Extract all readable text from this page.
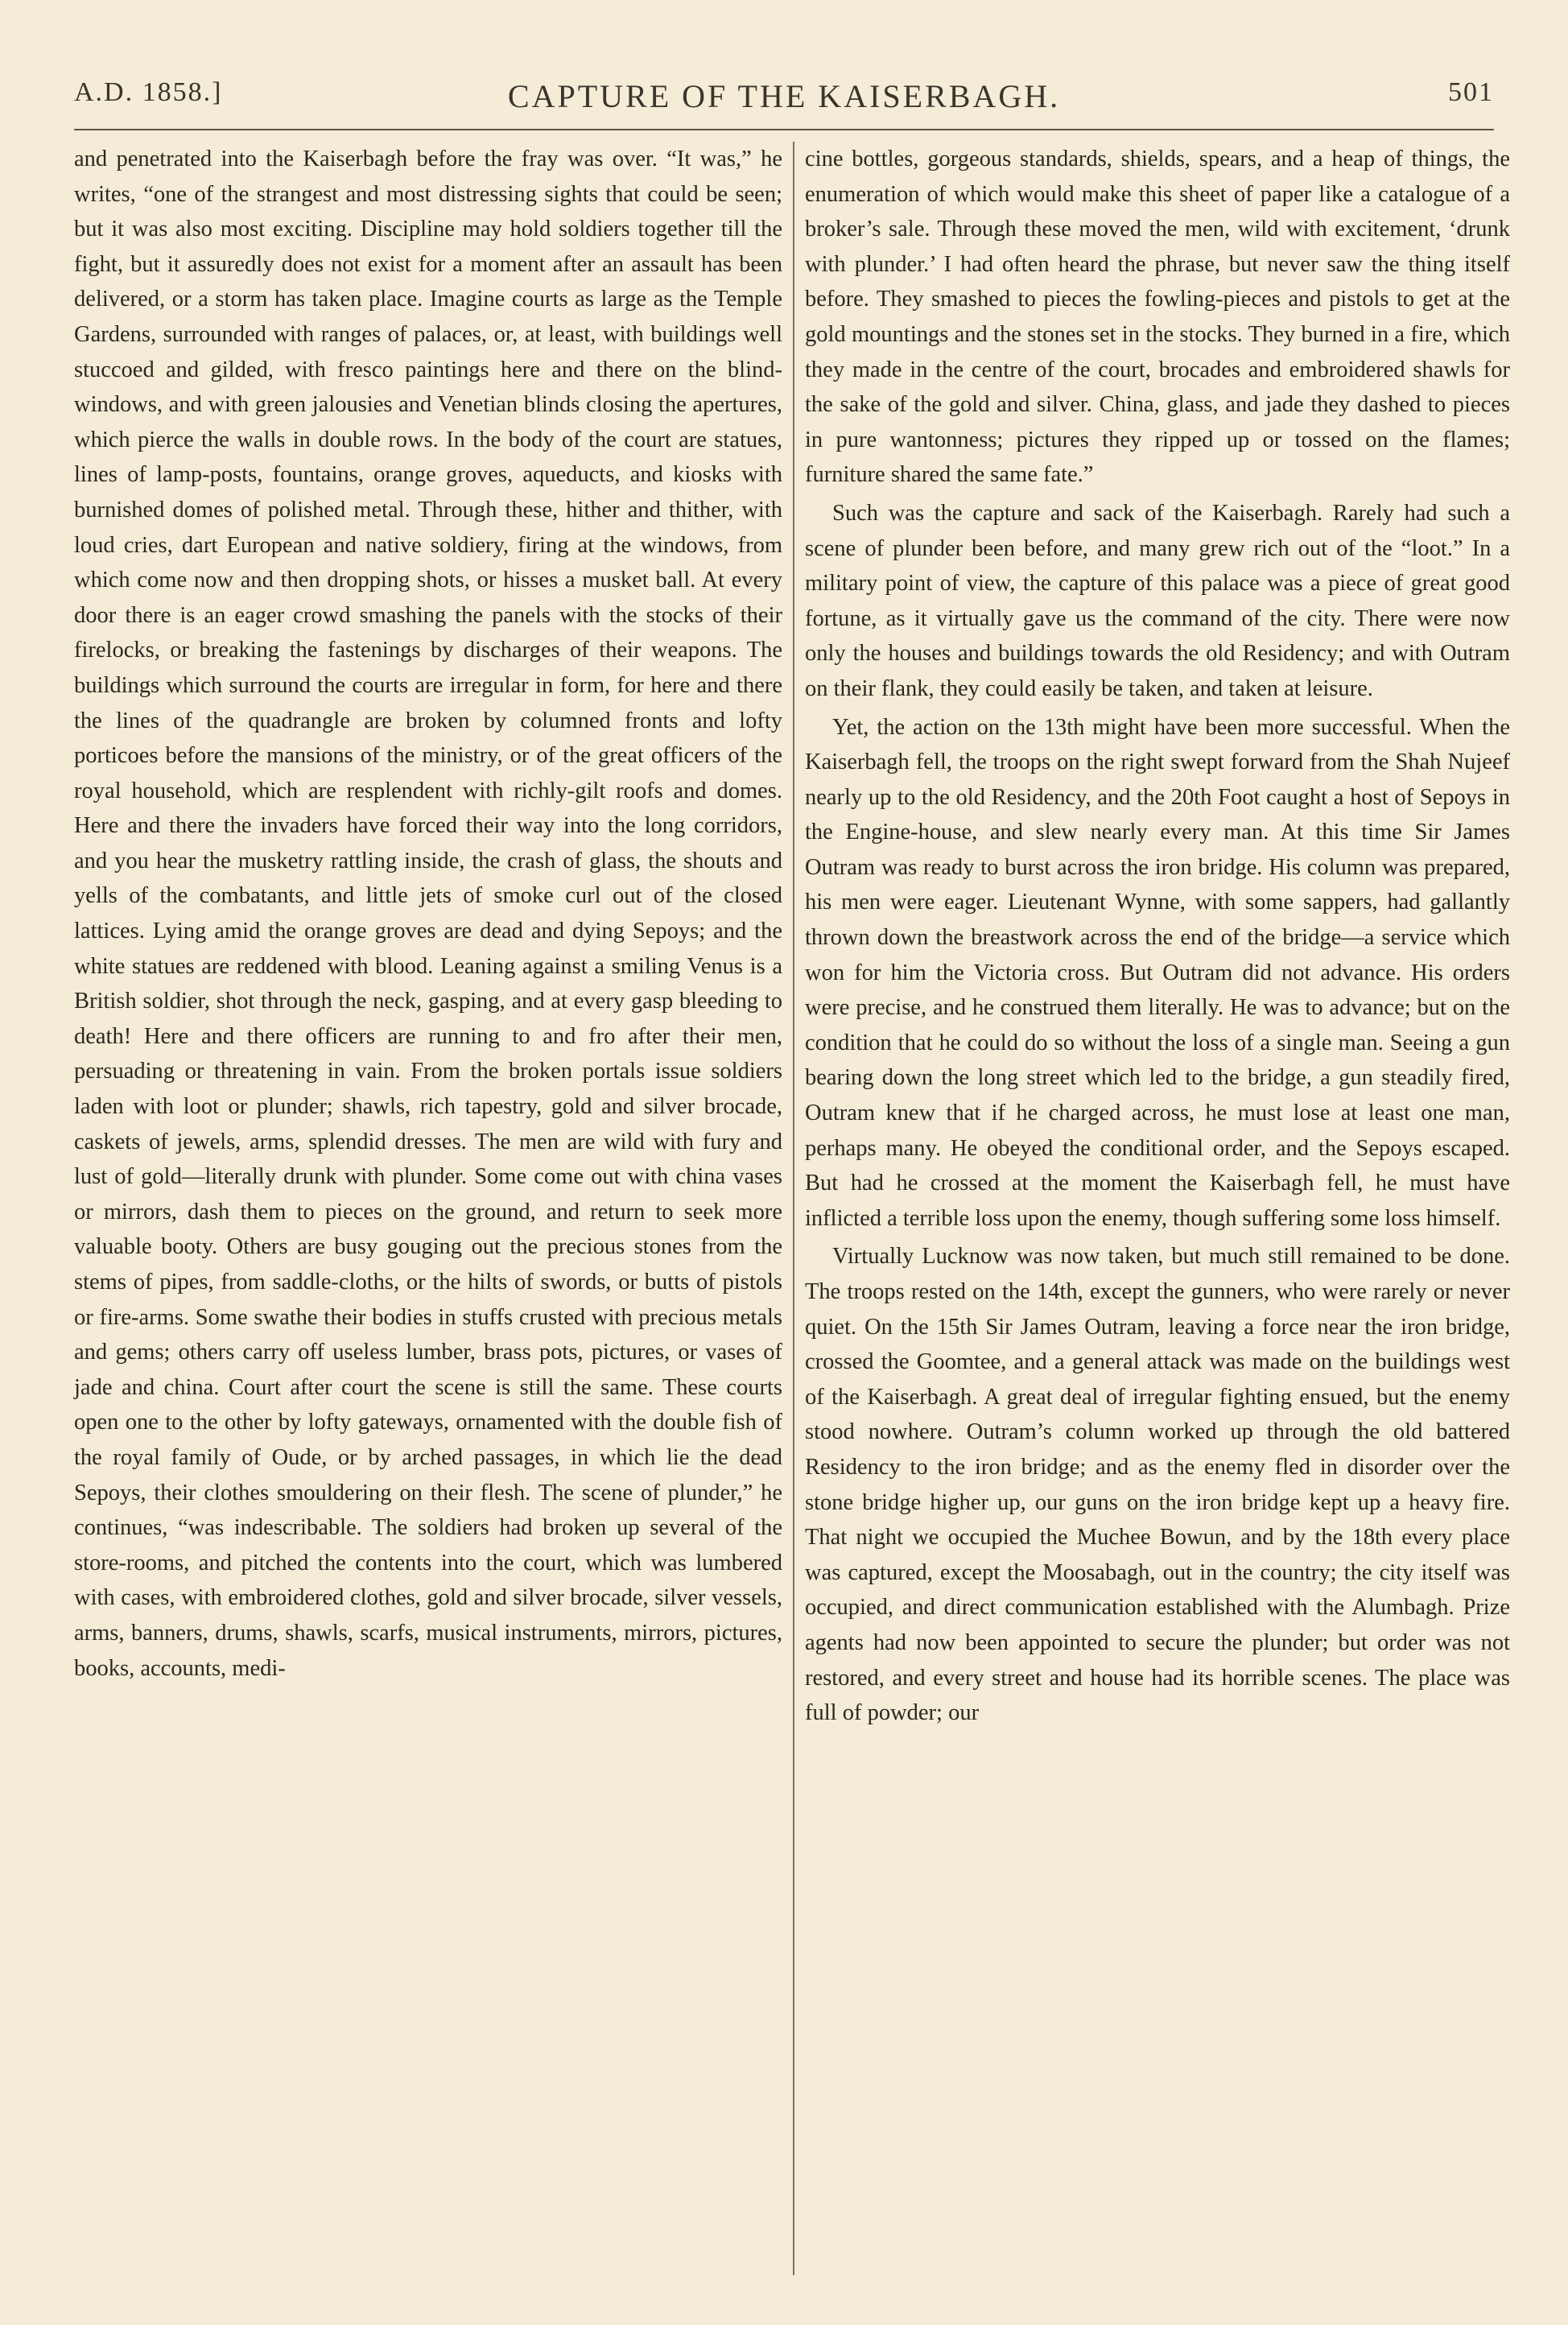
A.D. 1858.]	CAPTURE OF THE KAISERBAGH.	501

and penetrated into the Kaiserbagh before the fray was over. “It was,” he writes, “one of the strangest and most distressing sights that could be seen; but it was also most exciting. Discipline may hold soldiers together till the fight, but it assuredly does not exist for a moment after an assault has been delivered, or a storm has taken place. Imagine courts as large as the Temple Gardens, surrounded with ranges of palaces, or, at least, with buildings well stuccoed and gilded, with fresco paintings here and there on the blind-windows, and with green jalousies and Venetian blinds closing the apertures, which pierce the walls in double rows. In the body of the court are statues, lines of lamp-posts, fountains, orange groves, aqueducts, and kiosks with burnished domes of polished metal. Through these, hither and thither, with loud cries, dart European and native soldiery, firing at the windows, from which come now and then dropping shots, or hisses a musket ball. At every door there is an eager crowd smashing the panels with the stocks of their firelocks, or breaking the fastenings by discharges of their weapons. The buildings which surround the courts are irregular in form, for here and there the lines of the quadrangle are broken by columned fronts and lofty porticoes before the mansions of the ministry, or of the great officers of the royal household, which are resplendent with richly-gilt roofs and domes. Here and there the invaders have forced their way into the long corridors, and you hear the musketry rattling inside, the crash of glass, the shouts and yells of the combatants, and little jets of smoke curl out of the closed lattices. Lying amid the orange groves are dead and dying Sepoys; and the white statues are reddened with blood. Leaning against a smiling Venus is a British soldier, shot through the neck, gasping, and at every gasp bleeding to death! Here and there officers are running to and fro after their men, persuading or threatening in vain. From the broken portals issue soldiers laden with loot or plunder; shawls, rich tapestry, gold and silver brocade, caskets of jewels, arms, splendid dresses. The men are wild with fury and lust of gold—literally drunk with plunder. Some come out with china vases or mirrors, dash them to pieces on the ground, and return to seek more valuable booty. Others are busy gouging out the precious stones from the stems of pipes, from saddle-cloths, or the hilts of swords, or butts of pistols or fire-arms. Some swathe their bodies in stuffs crusted with precious metals and gems; others carry off useless lumber, brass pots, pictures, or vases of jade and china. Court after court the scene is still the same. These courts open one to the other by lofty gateways, ornamented with the double fish of the royal family of Oude, or by arched passages, in which lie the dead Sepoys, their clothes smouldering on their flesh. The scene of plunder,” he continues, “was indescribable. The soldiers had broken up several of the store-rooms, and pitched the contents into the court, which was lumbered with cases, with embroidered clothes, gold and silver brocade, silver vessels, arms, banners, drums, shawls, scarfs, musical instruments, mirrors, pictures, books, accounts, medi-

cine bottles, gorgeous standards, shields, spears, and a heap of things, the enumeration of which would make this sheet of paper like a catalogue of a broker’s sale. Through these moved the men, wild with excitement, ‘drunk with plunder.’ I had often heard the phrase, but never saw the thing itself before. They smashed to pieces the fowling-pieces and pistols to get at the gold mountings and the stones set in the stocks. They burned in a fire, which they made in the centre of the court, brocades and embroidered shawls for the sake of the gold and silver. China, glass, and jade they dashed to pieces in pure wantonness; pictures they ripped up or tossed on the flames; furniture shared the same fate.”

Such was the capture and sack of the Kaiserbagh. Rarely had such a scene of plunder been before, and many grew rich out of the “loot.” In a military point of view, the capture of this palace was a piece of great good fortune, as it virtually gave us the command of the city. There were now only the houses and buildings towards the old Residency; and with Outram on their flank, they could easily be taken, and taken at leisure.

Yet, the action on the 13th might have been more successful. When the Kaiserbagh fell, the troops on the right swept forward from the Shah Nujeef nearly up to the old Residency, and the 20th Foot caught a host of Sepoys in the Engine-house, and slew nearly every man. At this time Sir James Outram was ready to burst across the iron bridge. His column was prepared, his men were eager. Lieutenant Wynne, with some sappers, had gallantly thrown down the breastwork across the end of the bridge—a service which won for him the Victoria cross. But Outram did not advance. His orders were precise, and he construed them literally. He was to advance; but on the condition that he could do so without the loss of a single man. Seeing a gun bearing down the long street which led to the bridge, a gun steadily fired, Outram knew that if he charged across, he must lose at least one man, perhaps many. He obeyed the conditional order, and the Sepoys escaped. But had he crossed at the moment the Kaiserbagh fell, he must have inflicted a terrible loss upon the enemy, though suffering some loss himself.

Virtually Lucknow was now taken, but much still remained to be done. The troops rested on the 14th, except the gunners, who were rarely or never quiet. On the 15th Sir James Outram, leaving a force near the iron bridge, crossed the Goomtee, and a general attack was made on the buildings west of the Kaiserbagh. A great deal of irregular fighting ensued, but the enemy stood nowhere. Outram’s column worked up through the old battered Residency to the iron bridge; and as the enemy fled in disorder over the stone bridge higher up, our guns on the iron bridge kept up a heavy fire. That night we occupied the Muchee Bowun, and by the 18th every place was captured, except the Moosabagh, out in the country; the city itself was occupied, and direct communication established with the Alumbagh. Prize agents had now been appointed to secure the plunder; but order was not restored, and every street and house had its horrible scenes. The place was full of powder; our
